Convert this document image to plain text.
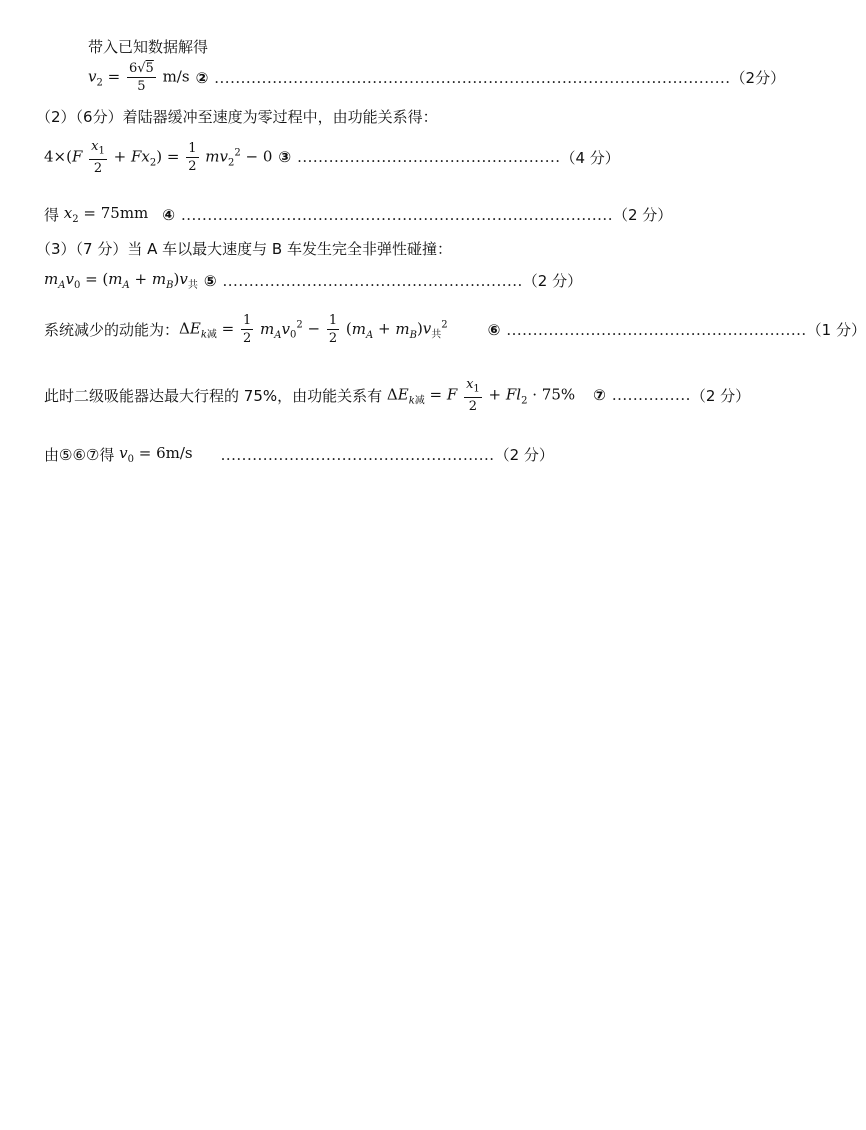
带入已知数据解得
$v_2 = \frac{6√5}{5} m/s$ ② .................................................................................................. （2分）
（2）（6分）着陆器缓冲至速度为零过程中，由功能关系得：
$4\times(F \frac{x_1}{2} + Fx_2) = \frac{1}{2} mv_2^2 - 0$ ③ .................................................. （4 分）
得 $x_2 = 75mm$ ④ .................................................................................. （2 分）
（3）（7 分）当 A 车以最大速度与 B 车发生完全非弹性碰撞：
$m_Av_0 = (m_A + m_B)v_共$ ⑤ ......................................................... （2 分）
系统减少的动能为： $\Delta E_{k减} = \frac{1}{2} m_Av_0^2 - \frac{1}{2} (m_A + m_B)v_共^2$	⑥ ......................................................... （1 分）
此时二级吸能器达最大行程的 75%，由功能关系有 $\Delta E_{k减} = F \frac{x_1}{2} + Fl_2 \cdot 75\%$ ⑦ ............... （2 分）
由⑤⑥⑦得 $v_0 = 6m/s$ .................................................... （2 分）
